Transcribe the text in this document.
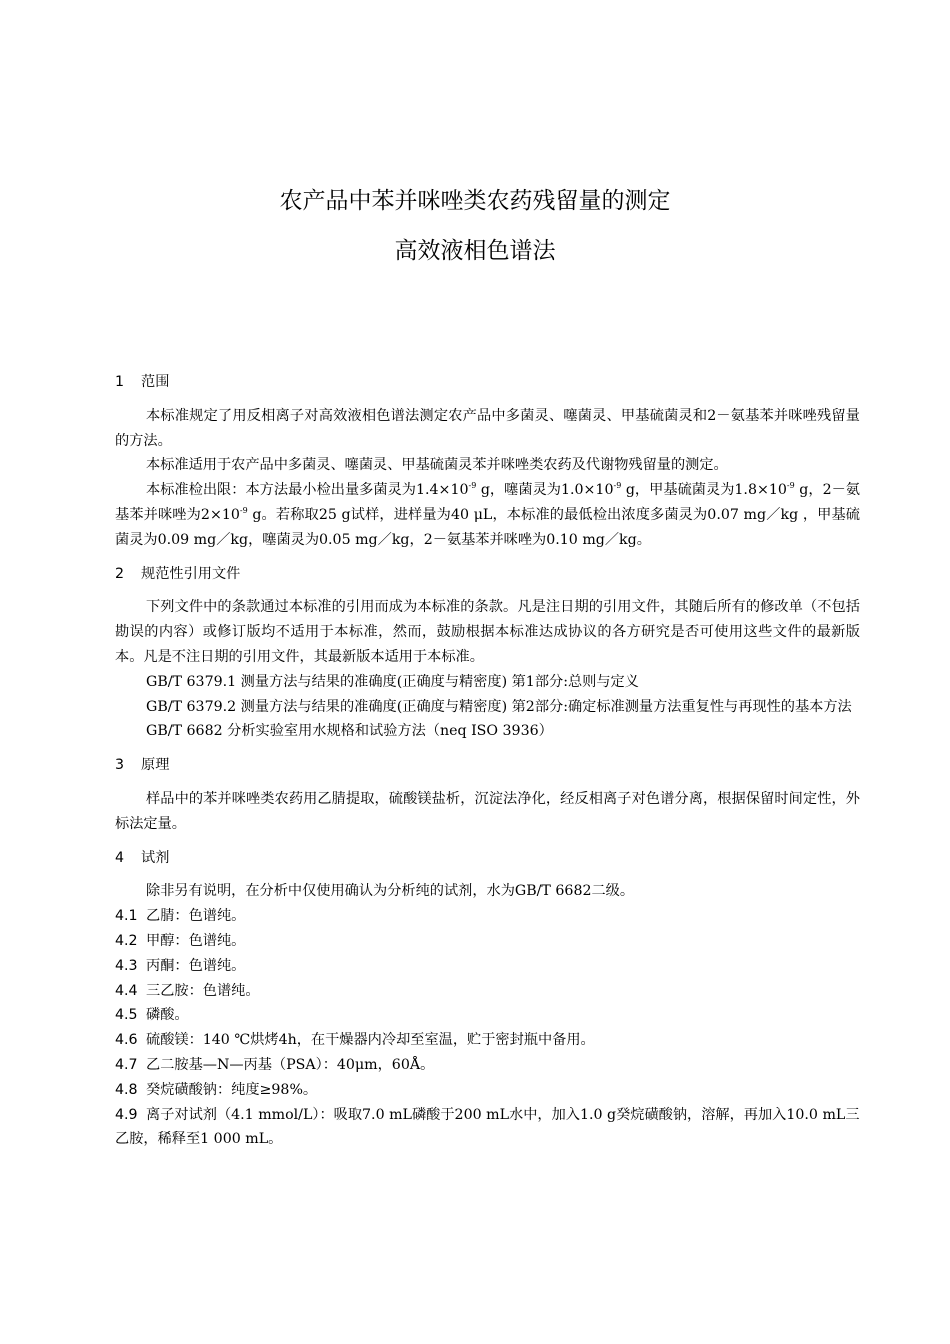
农产品中苯并咪唑类农药残留量的测定
高效液相色谱法
1 范围

本标准规定了用反相离子对高效液相色谱法测定农产品中多菌灵、噻菌灵、甲基硫菌灵和2－氨基苯并咪唑残留量的方法。

本标准适用于农产品中多菌灵、噻菌灵、甲基硫菌灵苯并咪唑类农药及代谢物残留量的测定。

本标准检出限：本方法最小检出量多菌灵为$1.4\times 10^{-9}$ g，噻菌灵为$1.0\times 10^{-9}$ g，甲基硫菌灵为$1.8\times 10^{-9}$ g，2－氨基苯并咪唑为$2\times 10^{-9}$ g。若称取25 g试样，进样量为40 μL，本标准的最低检出浓度多菌灵为0.07 mg／kg ，甲基硫菌灵为0.09 mg／kg，噻菌灵为0.05 mg／kg，2－氨基苯并咪唑为0.10 mg／kg。

2 规范性引用文件

下列文件中的条款通过本标准的引用而成为本标准的条款。凡是注日期的引用文件，其随后所有的修改单（不包括勘误的内容）或修订版均不适用于本标准，然而，鼓励根据本标准达成协议的各方研究是否可使用这些文件的最新版本。凡是不注日期的引用文件，其最新版本适用于本标准。

GB/T 6379.1 测量方法与结果的准确度(正确度与精密度) 第1部分:总则与定义

GB/T 6379.2 测量方法与结果的准确度(正确度与精密度) 第2部分:确定标准测量方法重复性与再现性的基本方法

GB/T 6682 分析实验室用水规格和试验方法（neq ISO 3936）

3 原理

样品中的苯并咪唑类农药用乙腈提取，硫酸镁盐析，沉淀法净化，经反相离子对色谱分离，根据保留时间定性，外标法定量。

4 试剂

除非另有说明，在分析中仅使用确认为分析纯的试剂，水为GB/T 6682二级。

4.1 乙腈：色谱纯。

4.2 甲醇：色谱纯。

4.3 丙酮：色谱纯。

4.4 三乙胺：色谱纯。

4.5 磷酸。

4.6 硫酸镁：140 ℃烘烤4h，在干燥器内冷却至室温，贮于密封瓶中备用。

4.7 乙二胺基—N—丙基（PSA）：40μm，60Å。

4.8 癸烷磺酸钠：纯度≥98%。

4.9 离子对试剂（4.1 mmol/L）：吸取7.0 mL磷酸于200 mL水中，加入1.0 g癸烷磺酸钠，溶解，再加入10.0 mL三乙胺，稀释至1 000 mL。
